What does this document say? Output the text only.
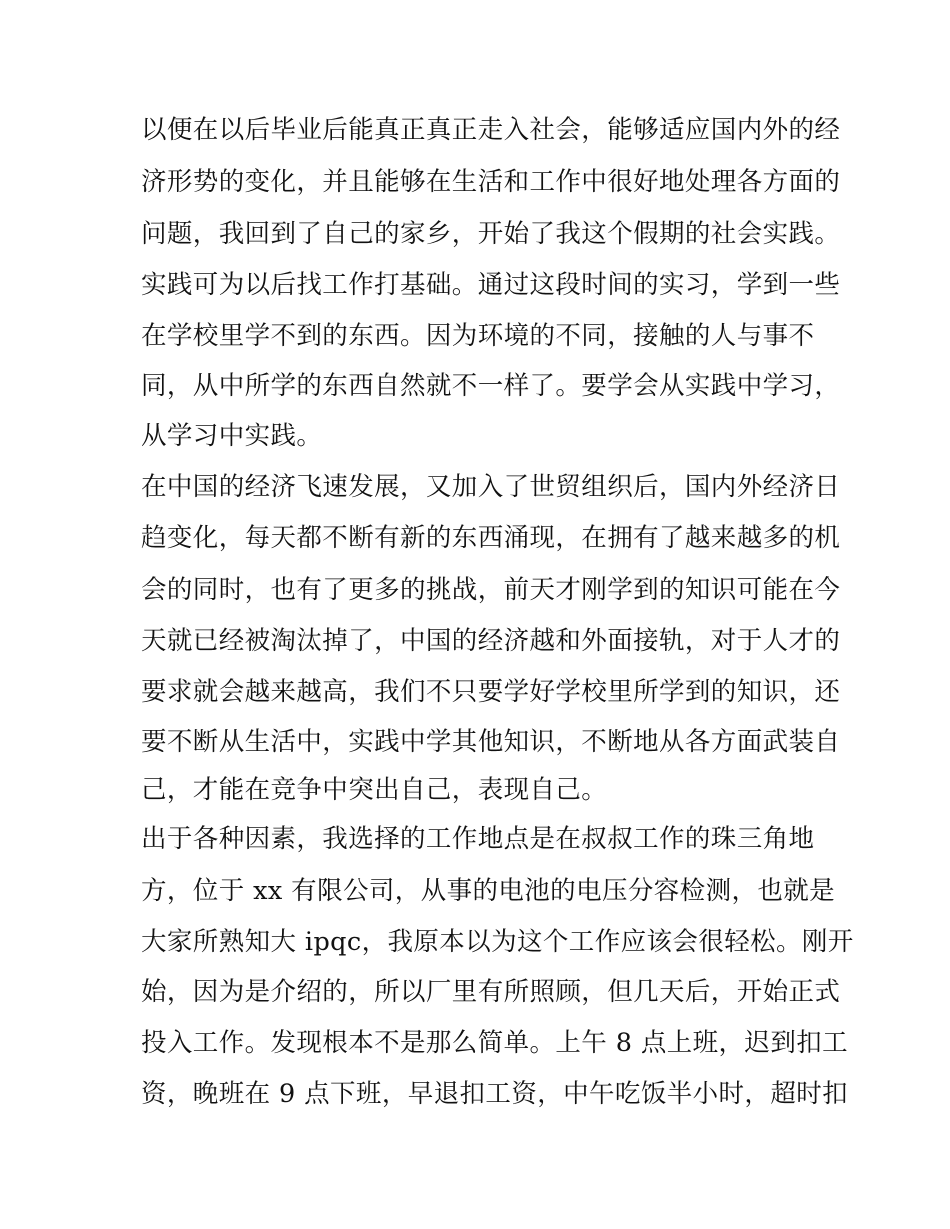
以便在以后毕业后能真正真正走入社会，能够适应国内外的经
济形势的变化，并且能够在生活和工作中很好地处理各方面的
问题，我回到了自己的家乡，开始了我这个假期的社会实践。
实践可为以后找工作打基础。通过这段时间的实习，学到一些
在学校里学不到的东西。因为环境的不同，接触的人与事不
同，从中所学的东西自然就不一样了。要学会从实践中学习，
从学习中实践。
在中国的经济飞速发展，又加入了世贸组织后，国内外经济日
趋变化，每天都不断有新的东西涌现，在拥有了越来越多的机
会的同时，也有了更多的挑战，前天才刚学到的知识可能在今
天就已经被淘汰掉了，中国的经济越和外面接轨，对于人才的
要求就会越来越高，我们不只要学好学校里所学到的知识，还
要不断从生活中，实践中学其他知识，不断地从各方面武装自
己，才能在竞争中突出自己，表现自己。
出于各种因素，我选择的工作地点是在叔叔工作的珠三角地
方，位于 xx 有限公司，从事的电池的电压分容检测，也就是
大家所熟知大 ipqc，我原本以为这个工作应该会很轻松。刚开
始，因为是介绍的，所以厂里有所照顾，但几天后，开始正式
投入工作。发现根本不是那么简单。上午 8 点上班，迟到扣工
资，晚班在 9 点下班，早退扣工资，中午吃饭半小时，超时扣
